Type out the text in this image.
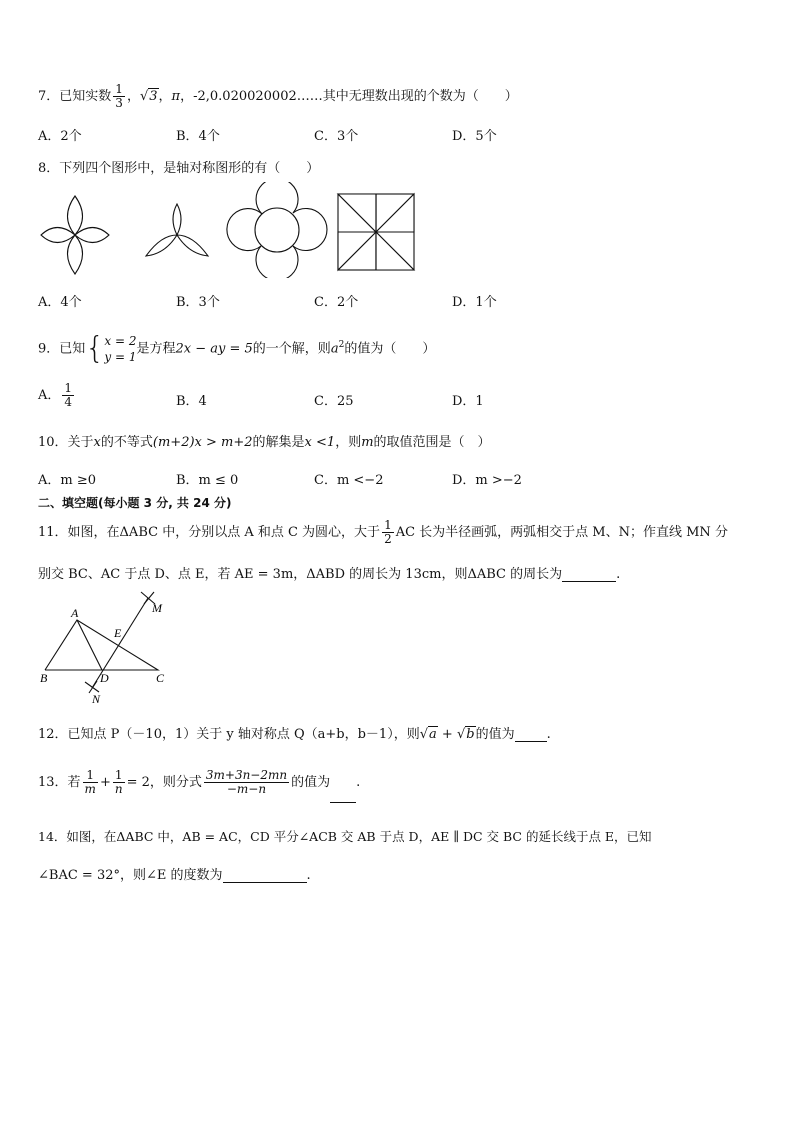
7．已知实数 $\frac{1}{3}$ ，√3，π，-2,0.020020002……其中无理数出现的个数为（　　）
A．2个	B．4个	C．3个	D．5个
8．下列四个图形中，是轴对称图形的有（　　）
A．4个	B．3个	C．2个	D．1个
9．已知{ x = 2
y = 1
是方程2x − ay = 5的一个解，则$a^2$的值为（　　）
A． $\frac{1}{4}$	B．4	C．25	D．1
10．关于x的不等式(m+2)x > m+2的解集是x <1，则m的取值范围是（　）
A．m ≥0	B．m ≤ 0	C．m <−2	D．m >−2
二、填空题(每小题 3 分, 共 24 分)
11．如图，在ΔABC 中，分别以点 A 和点 C 为圆心，大于 $\frac{1}{2}$ AC 长为半径画弧，两弧相交于点 M、N；作直线 MN 分
别交 BC、AC 于点 D、点 E，若 AE = 3m，ΔABD 的周长为 13cm，则ΔABC 的周长为	.
A
B	C
D
E
M
N
12．已知点 P（－10，1）关于 y 轴对称点 Q（a+b，b－1），则√a + √b的值为 .
13．若 $\frac{1}{m} + \frac{1}{n} = 2$，则分式 $\frac{3m+3n-2mn}{-m-n}$ 的值为 .
14．如图，在ΔABC 中，AB = AC，CD 平分∠ACB 交 AB 于点 D，AE ∥ DC 交 BC 的延长线于点 E，已知
∠BAC = 32°，则∠E 的度数为	.
